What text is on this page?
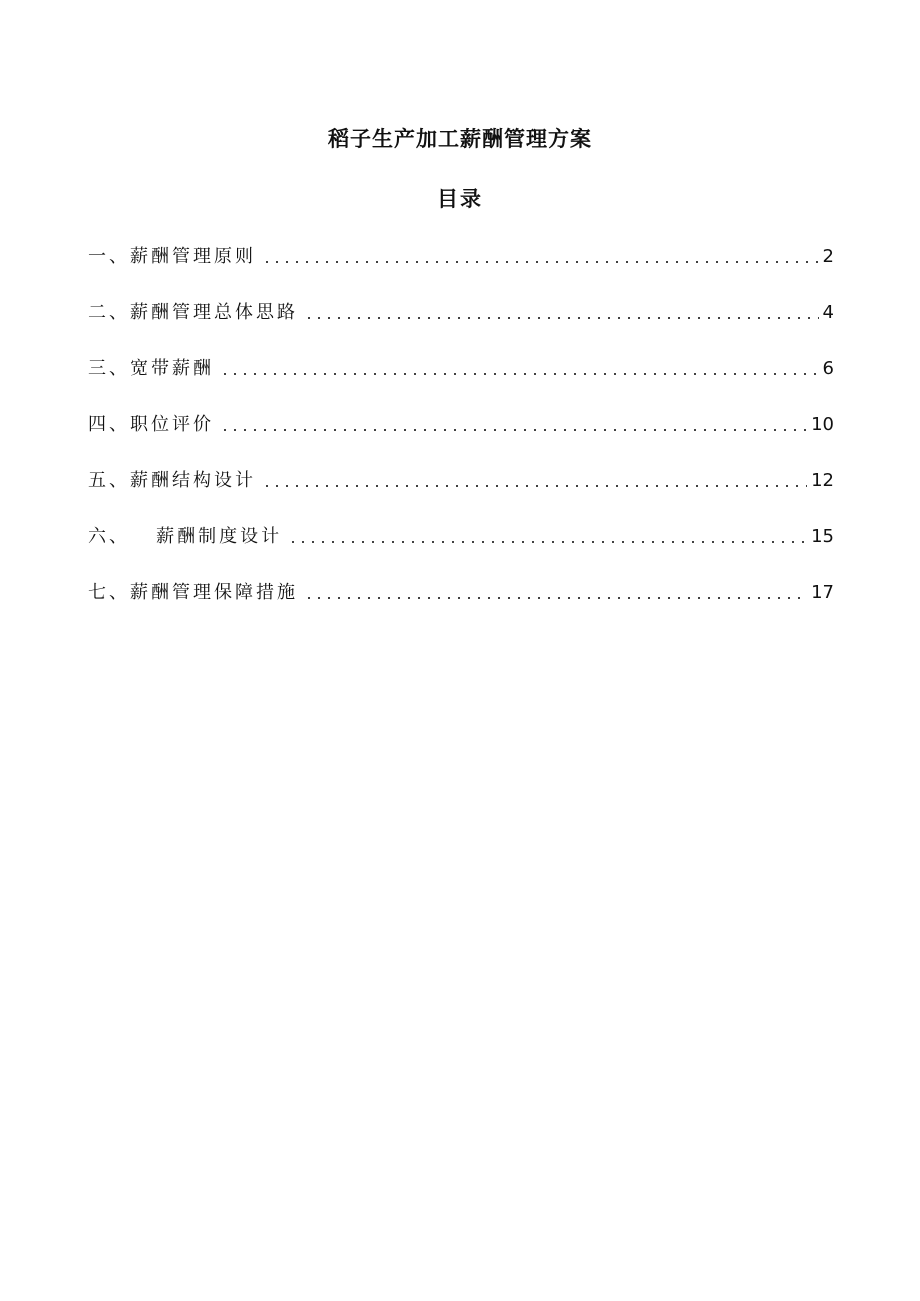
稻子生产加工薪酬管理方案
目录
一、薪酬管理原则	2
二、薪酬管理总体思路	4
三、宽带薪酬	6
四、职位评价	10
五、薪酬结构设计	12
六、   薪酬制度设计	15
七、薪酬管理保障措施	17
